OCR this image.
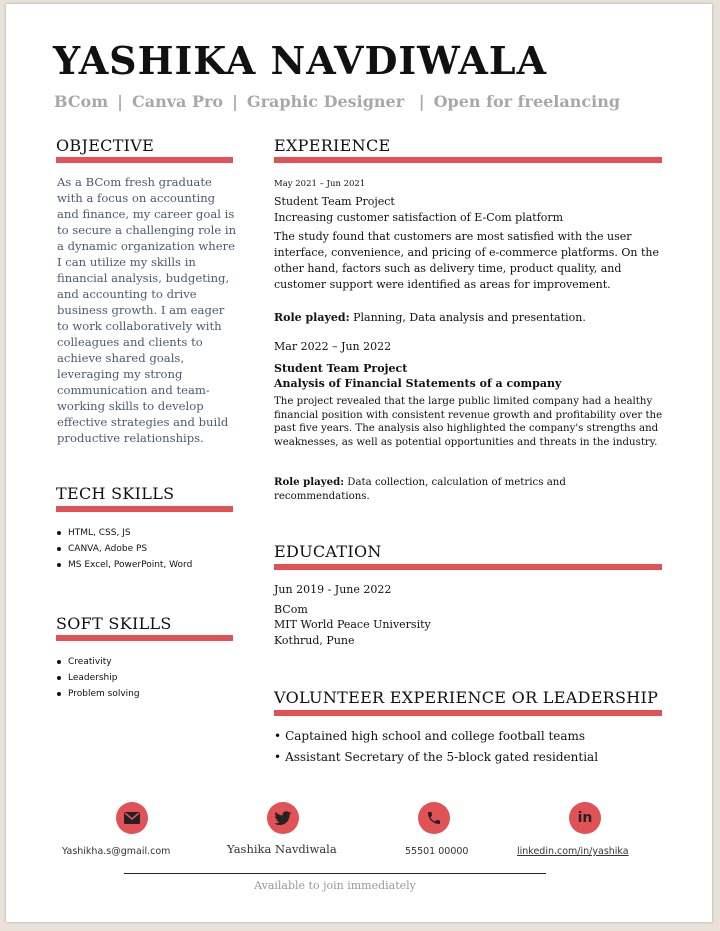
YASHIKA NAVDIWALA
BCom | Canva Pro | Graphic Designer | Open for freelancing
OBJECTIVE
As a BCom fresh graduate with a focus on accounting and finance, my career goal is to secure a challenging role in a dynamic organization where I can utilize my skills in financial analysis, budgeting, and accounting to drive business growth. I am eager to work collaboratively with colleagues and clients to achieve shared goals, leveraging my strong communication and team-working skills to develop effective strategies and build productive relationships.
TECH SKILLS
HTML, CSS, JS
CANVA, Adobe PS
MS Excel, PowerPoint, Word
SOFT SKILLS
Creativity
Leadership
Problem solving
EXPERIENCE
May 2021 – Jun 2021
Student Team Project
Increasing customer satisfaction of E-Com platform
The study found that customers are most satisfied with the user interface, convenience, and pricing of e-commerce platforms. On the other hand, factors such as delivery time, product quality, and customer support were identified as areas for improvement.
Role played: Planning, Data analysis and presentation.
Mar 2022 – Jun 2022
Student Team Project
Analysis of Financial Statements of a company
The project revealed that the large public limited company had a healthy financial position with consistent revenue growth and profitability over the past five years. The analysis also highlighted the company's strengths and weaknesses, as well as potential opportunities and threats in the industry.
Role played: Data collection, calculation of metrics and recommendations.
EDUCATION
Jun 2019 - June 2022
BCom
MIT World Peace University
Kothrud, Pune
VOLUNTEER EXPERIENCE OR LEADERSHIP
• Captained high school and college football teams
• Assistant Secretary of the 5-block gated residential
Yashikha.s@gmail.com	Yashika Navdiwala	55501 00000
in
linkedin.com/in/yashika
Available to join immediately
